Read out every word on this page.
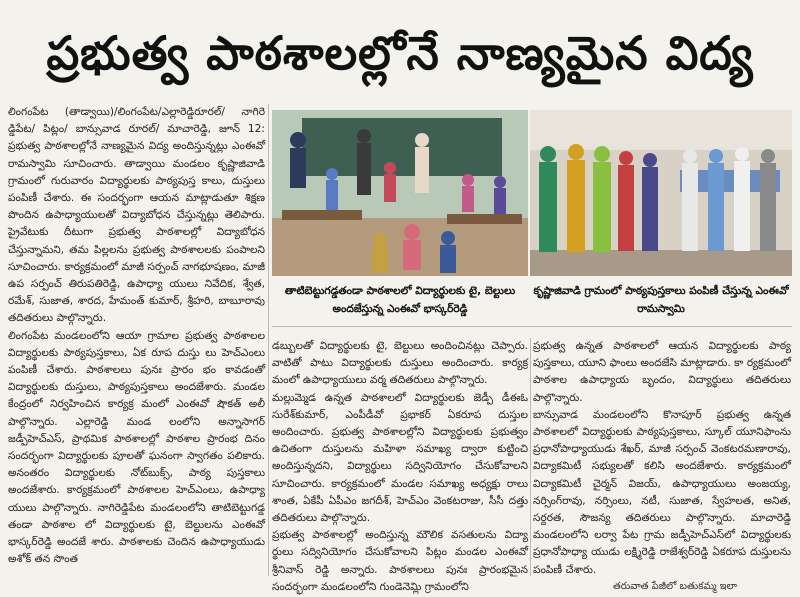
ప్రభుత్వ పాఠశాలల్లోనే నాణ్యమైన విద్య

లింగంపేట (తాడ్వాయి)/లింగంపేట/ఎల్లారెడ్డిరూరల్/ నాగిరె డ్డిపేట/ పిట్లం/ బాన్సువాడ రూరల్/ మాచారెడ్డి, జూన్ 12: ప్రభుత్వ పాఠశాలల్లోనే నాణ్యమైన విద్య అందిస్తున్నట్లు ఎంఈవో రామస్వామి సూచించారు. తాడ్వాయి మండలం కృష్ణాజివాడి గ్రామంలో గురువారం విద్యార్థులకు పాఠ్యపుస్త కాలు, దుస్తులు పంపిణీ చేశారు. ఈ సందర్భంగా ఆయన మాట్లాడుతూ శిక్షణ పొందిన ఉపాధ్యాయులతో విద్యాబోధన చేస్తున్నట్లు తెలిపారు. ప్రైవేటుకు దీటుగా ప్రభుత్వ పాఠశాలల్లో విద్యాబోధన చేస్తున్నామని, తమ పిల్లలను ప్రభుత్వ పాఠశాలలకు పంపాలని సూచించారు. కార్యక్రమంలో మాజీ సర్పంచ్ నాగభూషణం, మాజీ ఉప సర్పంచ్ తిరుపతిరెడ్డి, ఉపాధ్యా యులు నివేదిక, శ్వేత, రమేశ్, సుజాత, శారద, హేమంత్ కుమార్, శ్రీహరి, బాబూరావు తదితరులు పాల్గొన్నారు.

లింగంపేట మండలంలోని ఆయా గ్రామాల ప్రభుత్వ పాఠశాలల విద్యార్థులకు పాఠ్యపుస్తకాలు, ఏక రూప దుస్తు లు హెచ్‌ఎంలు పంపిణీ చేశారు. పాఠశాలలు పునః ప్రారం భం కావడంతో విద్యార్థులకు దుస్తులు, పాఠ్యపుస్తకాలు అందజేశారు. మండల కేంద్రంలో నిర్వహించిన కార్యక్ర మంలో ఎంఈవో షౌకత్ అలీ పాల్గొన్నారు. ఎల్లారెడ్డి మండ లంలోని అన్నాసాగర్ జడ్పీహెచ్ఎస్, ప్రాథమిక పాఠశాలల్లో పాఠశాల ప్రారంభ దినం సందర్భంగా విద్యార్థులకు పూలతో ఘనంగా స్వాగతం పలికారు. అనంతరం విద్యార్థులకు నోట్‌బుక్స్, పాఠ్య పుస్తకాలు అందజేశారు. కార్యక్రమంలో పాఠశాలల హెచ్‌ఎంలు, ఉపాధ్యా యులు పాల్గొన్నారు. నాగిరెడ్డిపేట మండలంలోని తాటిబెట్టుగడ్డ తండా పాఠశాల లో విద్యార్థులకు టై, బెల్టులను ఎంఈవో భాస్కర్‌రెడ్డి అందజే శారు. పాఠశాలకు చెందిన ఉపాధ్యాయుడు అశోక్ తన సొంత

తాటిబెట్టుగడ్డతండా పాఠశాలలో విద్యార్థులకు టై, బెల్టులు అందజేస్తున్న ఎంఈవో భాస్కర్‌రెడ్డి
కృష్ణాజివాడి గ్రామంలో పాఠ్యపుస్తకాలు పంపిణీ చేస్తున్న ఎంఈవో రామస్వామి

డబ్బులతో విద్యార్థులకు టై, బెల్టులు అందించినట్లు చెప్పారు. వాటితో పాటు విద్యార్థులకు దుస్తులు అందించారు. కార్యక్ర మంలో ఉపాధ్యాయులు వర్మ తదితరులు పాల్గొన్నారు.

మల్లుమ్మెడ ఉన్నత పాఠశాలలో విద్యార్థులకు జెడ్పీ డీఈఓ సురేశ్‌కుమార్, ఎంపీడీవో ప్రభాకర్ ఏకరూప దుస్తుల అందించారు. ప్రభుత్వ పాఠశాలల్లోని విద్యార్థులకు ప్రభుత్వం ఉచితంగా దుస్తులను మహిళా సమాఖ్య ద్వారా కుట్టించి అందిస్తున్నదని, విద్యార్థులు సద్వినియోగం చేసుకోవాలని సూచించారు. కార్యక్రమంలో మండల సమాఖ్య అధ్యక్షు రాలు శాంత, ఏకేపీ ఏపీఎం జగదీశ్, హెచ్‌ఎం వెంకటరాజు, సీసీ దత్తు తదితరులు పాల్గొన్నారు.

ప్రభుత్వ పాఠశాలల్లో అందిస్తున్న మౌలిక వసతులను విద్యా ర్థులు సద్వినియోగం చేసుకోవాలని పిట్లం మండల ఎంఈవో శ్రీనివాస్ రెడ్డి అన్నారు. పాఠశాలలు పునః ప్రారంభమైన సందర్భంగా మండలంలోని గుండెనెమ్లి గ్రామంలోని

ప్రభుత్వ ఉన్నత పాఠశాలలో ఆయన విద్యార్థులకు పాఠ్య పుస్తకాలు, యూని ఫాంలు అందజేసి మాట్లాడారు. కా ర్యక్రమంలో పాఠశాల ఉపాధ్యాయ బృందం, విద్యార్థులు తదితరులు పాల్గొన్నారు.

బాన్సువాడ మండలంలోని కొనాపూర్ ప్రభుత్వ ఉన్నత పాఠశాలలో విద్యార్థులకు పాఠ్యపుస్తకాలు, స్కూల్ యూనిఫాంను ప్రధానోపాధ్యాయుడు శేఖర్, మాజీ సర్పంచ్ వెంకటరమణారావు, విద్యాకమిటీ సభ్యులతో కలిసి అందజేశారు. కార్యక్రమంలో విద్యాకమిటీ చైర్మన్ విజయ్, ఉపాధ్యాయులు అంజయ్య, నర్సింగ్‌రావు, నర్సింలు, నటీ, సుజాత, స్వేహలత, అనిత, సర్దరత, సౌజన్య తదితరులు పాల్గొన్నారు. మాచారెడ్డి మండలంలోని లర్వా పేట గ్రామ జడ్పీహెచ్ఎస్‌లో విద్యార్థులకు ప్రధానోపాధ్యా యుడు లక్ష్మిరెడ్డి రాజేశ్వర్‌రెడ్డి ఏకరూప దుస్తులను పంపిణీ చేశారు.

తరువాత పేజీలో బతుకమ్మ ఇలా
